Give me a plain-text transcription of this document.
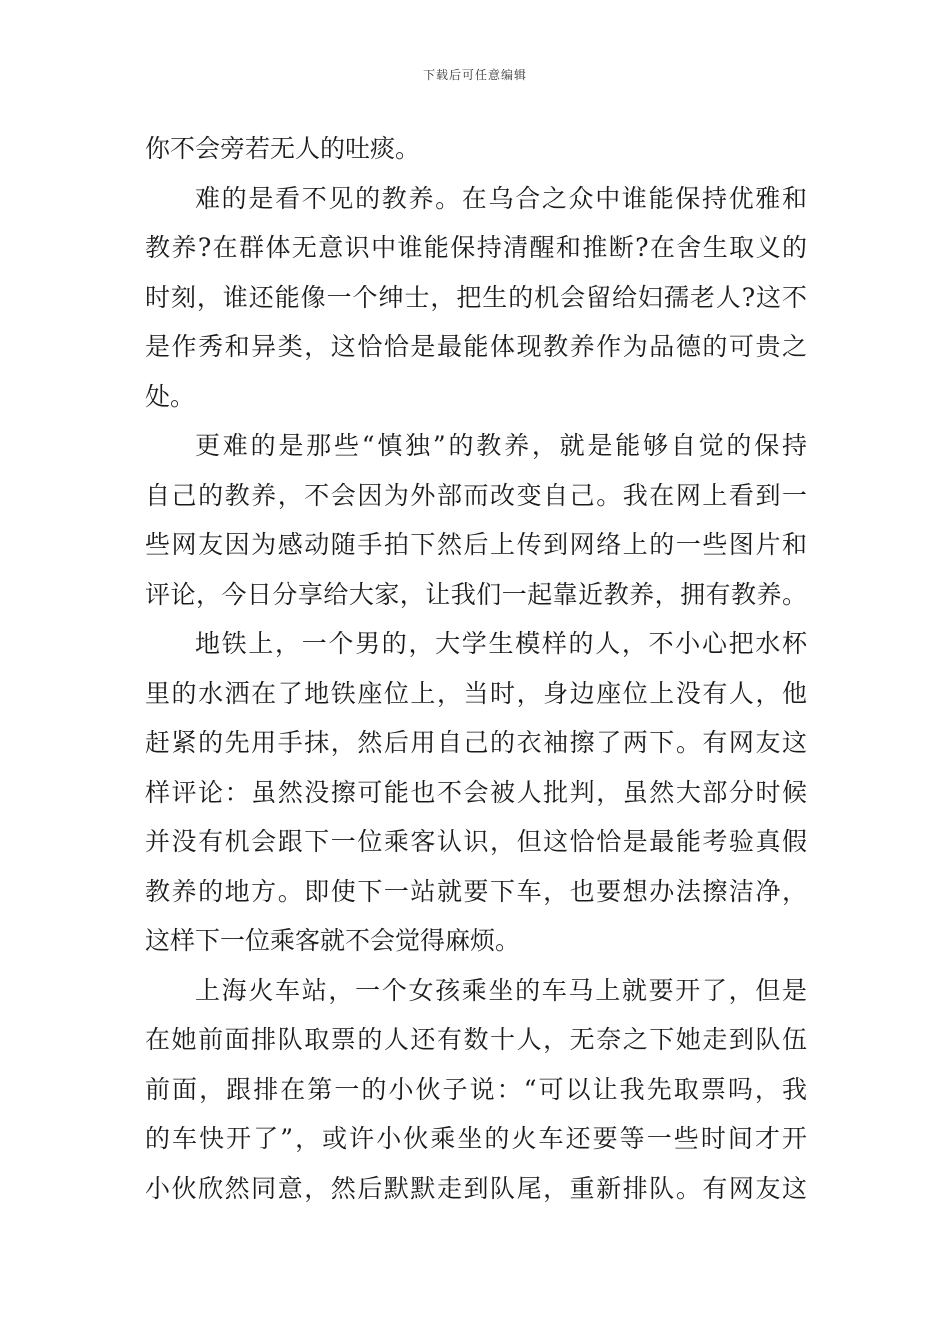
下载后可任意编辑
你不会旁若无人的吐痰。
难的是看不见的教养。在乌合之众中谁能保持优雅和
教养?在群体无意识中谁能保持清醒和推断?在舍生取义的
时刻，谁还能像一个绅士，把生的机会留给妇孺老人?这不
是作秀和异类，这恰恰是最能体现教养作为品德的可贵之
处。
更难的是那些“慎独”的教养，就是能够自觉的保持
自己的教养，不会因为外部而改变自己。我在网上看到一
些网友因为感动随手拍下然后上传到网络上的一些图片和
评论，今日分享给大家，让我们一起靠近教养，拥有教养。
地铁上，一个男的，大学生模样的人，不小心把水杯
里的水洒在了地铁座位上，当时，身边座位上没有人，他
赶紧的先用手抹，然后用自己的衣袖擦了两下。有网友这
样评论：虽然没擦可能也不会被人批判，虽然大部分时候
并没有机会跟下一位乘客认识，但这恰恰是最能考验真假
教养的地方。即使下一站就要下车，也要想办法擦洁净，
这样下一位乘客就不会觉得麻烦。
上海火车站，一个女孩乘坐的车马上就要开了，但是
在她前面排队取票的人还有数十人，无奈之下她走到队伍
前面，跟排在第一的小伙子说：“可以让我先取票吗，我
的车快开了”，或许小伙乘坐的火车还要等一些时间才开
小伙欣然同意，然后默默走到队尾，重新排队。有网友这
